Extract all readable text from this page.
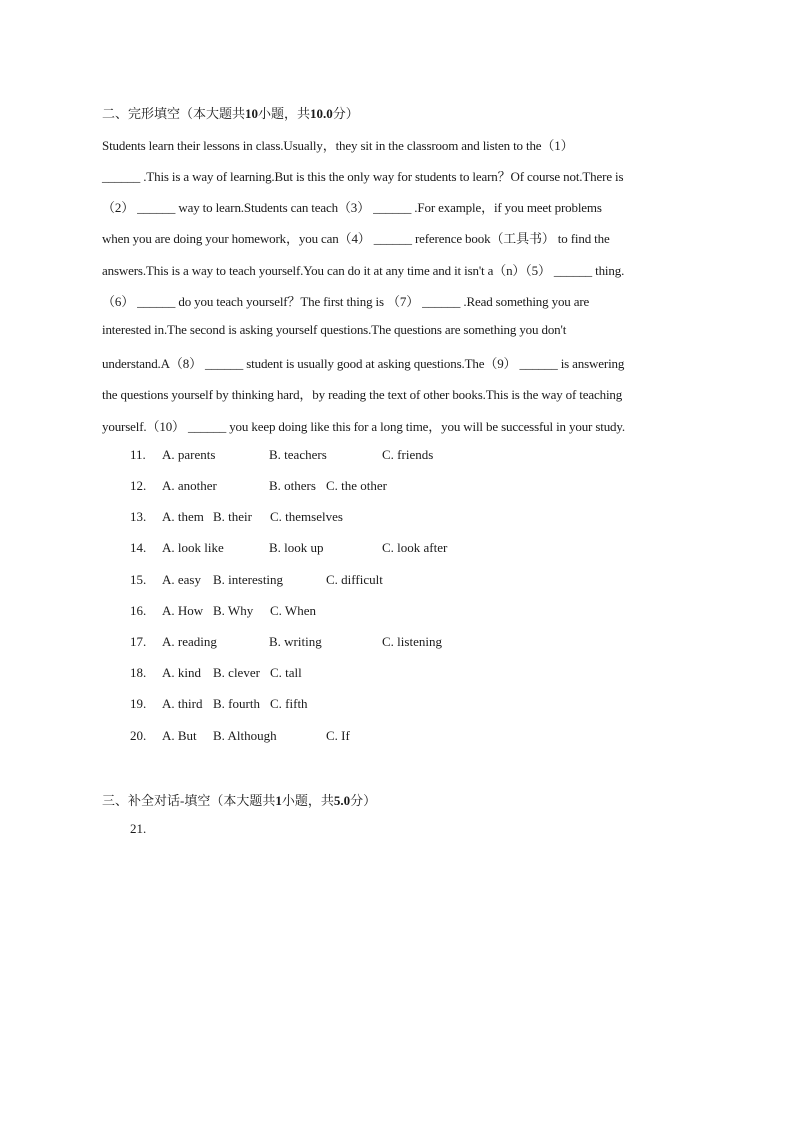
二、完形填空（本大题共10小题，共10.0分）
Students learn their lessons in class.Usually，they sit in the classroom and listen to the（1）
______ .This is a way of learning.But is this the only way for students to learn？Of course not.There is
（2） ______ way to learn.Students can teach（3） ______ .For example，if you meet problems
when you are doing your homework，you can（4） ______ reference book（工具书） to find the
answers.This is a way to teach yourself.You can do it at any time and it isn't a（n）（5） ______ thing.
（6） ______ do you teach yourself？The first thing is （7） ______ .Read something you are
interested in.The second is asking yourself questions.The questions are something you don't
understand.A（8） ______ student is usually good at asking questions.The（9） ______ is answering
the questions yourself by thinking hard，by reading the text of other books.This is the way of teaching
yourself.（10） ______ you keep doing like this for a long time，you will be successful in your study.
11. A. parents	B. teachers	C. friends
12. A. another	B. others C. the other
13. A. them B. their C. themselves
14. A. look like	B. look up	C. look after
15. A. easy B. interesting	C. difficult
16. A. How B. Why C. When
17. A. reading	B. writing	C. listening
18. A. kind B. clever C. tall
19. A. third B. fourth C. fifth
20. A. But B. Although	C. If
三、补全对话-填空（本大题共1小题，共5.0分）
21.
